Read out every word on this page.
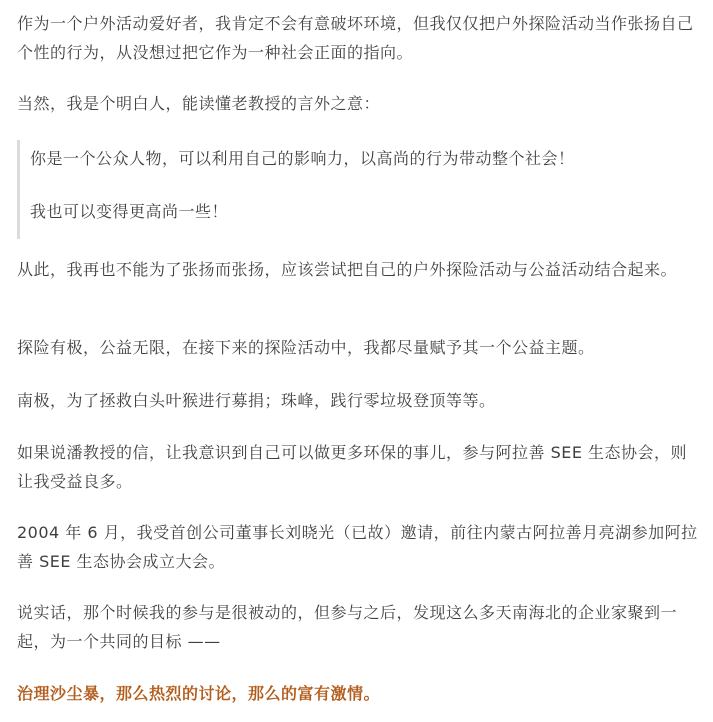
作为一个户外活动爱好者，我肯定不会有意破坏环境，但我仅仅把户外探险活动当作张扬自己个性的行为，从没想过把它作为一种社会正面的指向。

当然，我是个明白人，能读懂老教授的言外之意：

你是一个公众人物，可以利用自己的影响力，以高尚的行为带动整个社会！

我也可以变得更高尚一些！

从此，我再也不能为了张扬而张扬，应该尝试把自己的户外探险活动与公益活动结合起来。

探险有极，公益无限，在接下来的探险活动中，我都尽量赋予其一个公益主题。

南极，为了拯救白头叶猴进行募捐；珠峰，践行零垃圾登顶等等。

如果说潘教授的信，让我意识到自己可以做更多环保的事儿，参与阿拉善 SEE 生态协会，则让我受益良多。

2004 年 6 月，我受首创公司董事长刘晓光（已故）邀请，前往内蒙古阿拉善月亮湖参加阿拉善 SEE 生态协会成立大会。

说实话，那个时候我的参与是很被动的，但参与之后，发现这么多天南海北的企业家聚到一起，为一个共同的目标 ——

治理沙尘暴，那么热烈的讨论，那么的富有激情。
